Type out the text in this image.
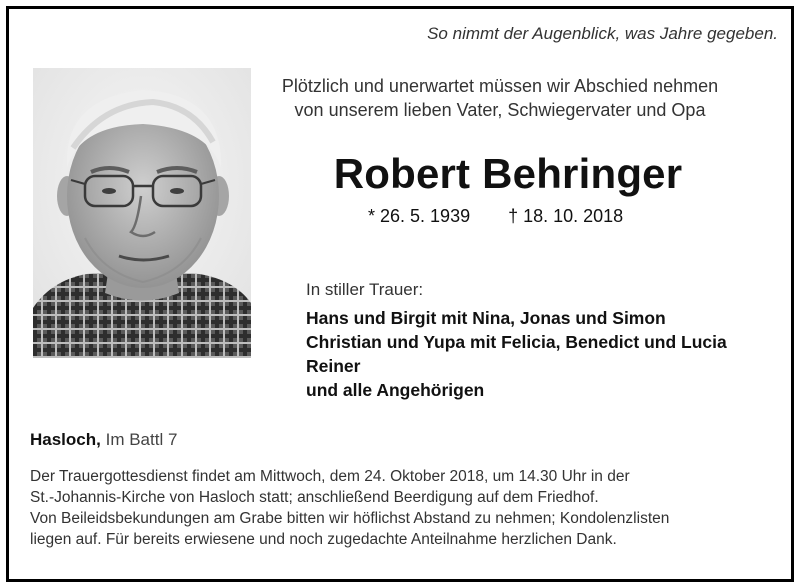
So nimmt der Augenblick, was Jahre gegeben.
Plötzlich und unerwartet müssen wir Abschied nehmen
von unserem lieben Vater, Schwiegervater und Opa
Robert Behringer
* 26. 5. 1939 † 18. 10. 2018
In stiller Trauer:
Hans und Birgit mit Nina, Jonas und Simon
Christian und Yupa mit Felicia, Benedict und Lucia
Reiner
und alle Angehörigen
Hasloch, Im Battl 7
Der Trauergottesdienst findet am Mittwoch, dem 24. Oktober 2018, um 14.30 Uhr in der
St.-Johannis-Kirche von Hasloch statt; anschließend Beerdigung auf dem Friedhof.
Von Beileidsbekundungen am Grabe bitten wir höflichst Abstand zu nehmen; Kondolenzlisten
liegen auf. Für bereits erwiesene und noch zugedachte Anteilnahme herzlichen Dank.
